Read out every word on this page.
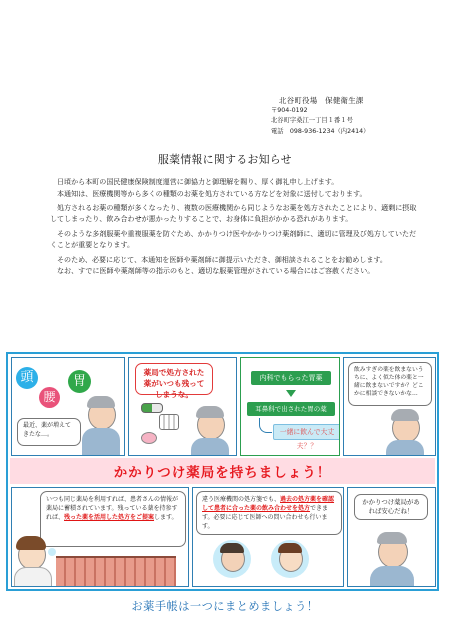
北谷町役場　保健衛生課
〒904-0192
北谷町字桑江一丁目１番１号
電話　098-936-1234（内2414）
服薬情報に関するお知らせ

日頃から本町の国民健康保険制度運営に御協力と御理解を賜り、厚く御礼申し上げます。

本通知は、医療機関等から多くの種類のお薬を処方されている方などを対象に送付しております。

処方されるお薬の種類が多くなったり、複数の医療機関から同じようなお薬を処方されたことにより、適剰に摂取してしまったり、飲み合わせが悪かったりすることで、お身体に負担がかかる恐れがあります。

そのような多剤服薬や重複服薬を防ぐため、かかりつけ医やかかりつけ薬剤師に、適切に管理及び処方していただくことが重要となります。

そのため、必要に応じて、本通知を医師や薬剤師に御提示いただき、御相談されることをお勧めします。

なお、すでに医師や薬剤師等の指示のもと、適切な服薬管理がされている場合にはご容赦ください。

頭
腰
胃
最近、薬が増えてきたな…。
薬局で処方された薬がいつも残ってしまうな。
内科でもらった胃薬
耳鼻科で出された胃の薬
一緒に飲んで大丈夫？？
飲みすぎの薬を飲まないうちに、よく似た体の薬と一緒に飲まないですか？どこかに相談できないかな…
かかりつけ薬局を持ちましょう！
いつも同じ薬局を利用すれば、患者さんの情報が薬局に蓄積されています。残っている薬を持参すれば、残った薬を活用した処方をご提案します。
違う医療機関の処方箋でも、過去の処方薬を確認して患者に合った薬の飲み合わせを処方できます。必要に応じて医師への問い合わせも行います。
かかりつけ薬局があれば安心だね！
お薬手帳は一つにまとめましょう！
